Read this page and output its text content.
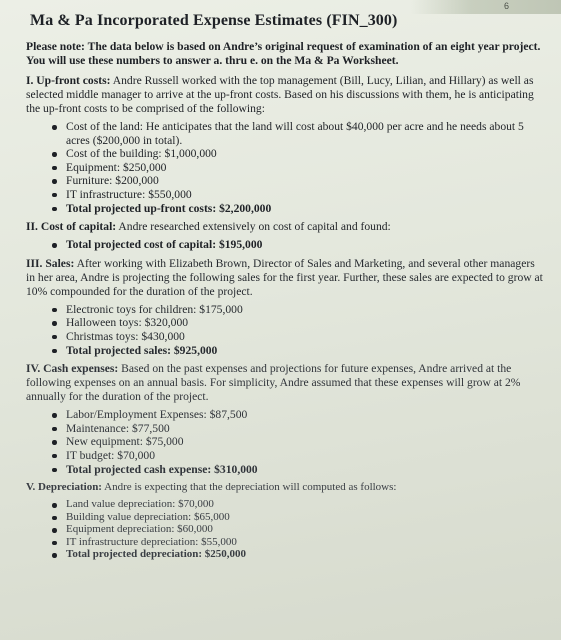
6
Ma & Pa Incorporated Expense Estimates (FIN_300)

Please note: The data below is based on Andre’s original request of examination of an eight year project. You will use these numbers to answer a. thru e. on the Ma & Pa Worksheet.

I. Up-front costs: Andre Russell worked with the top management (Bill, Lucy, Lilian, and Hillary) as well as selected middle manager to arrive at the up-front costs. Based on his discussions with them, he is anticipating the up-front costs to be comprised of the following:

Cost of the land: He anticipates that the land will cost about $40,000 per acre and he needs about 5 acres ($200,000 in total).
Cost of the building: $1,000,000
Equipment: $250,000
Furniture: $200,000
IT infrastructure: $550,000
Total projected up-front costs: $2,200,000

II. Cost of capital: Andre researched extensively on cost of capital and found:

Total projected cost of capital: $195,000

III. Sales: After working with Elizabeth Brown, Director of Sales and Marketing, and several other managers in her area, Andre is projecting the following sales for the first year. Further, these sales are expected to grow at 10% compounded for the duration of the project.

Electronic toys for children: $175,000
Halloween toys: $320,000
Christmas toys: $430,000
Total projected sales: $925,000

IV. Cash expenses: Based on the past expenses and projections for future expenses, Andre arrived at the following expenses on an annual basis. For simplicity, Andre assumed that these expenses will grow at 2% annually for the duration of the project.

Labor/Employment Expenses: $87,500
Maintenance: $77,500
New equipment: $75,000
IT budget: $70,000
Total projected cash expense: $310,000

V. Depreciation: Andre is expecting that the depreciation will computed as follows:

Land value depreciation: $70,000
Building value depreciation: $65,000
Equipment depreciation: $60,000
IT infrastructure depreciation: $55,000
Total projected depreciation: $250,000
